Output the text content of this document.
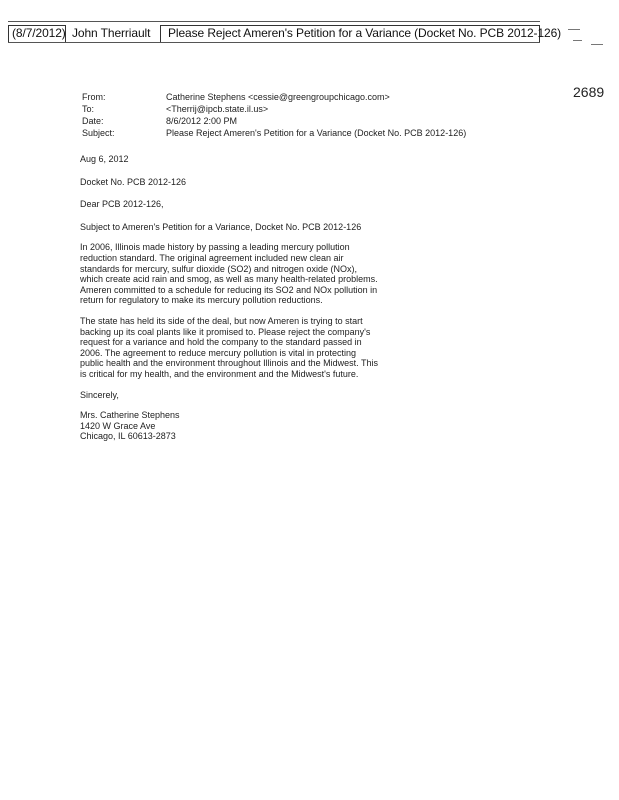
(8/7/2012) John Therriault Please Reject Ameren's Petition for a Variance (Docket No. PCB 2012-126)
2689
From:	Catherine Stephens <cessie@greengroupchicago.com>
To:	<Therrij@ipcb.state.il.us>
Date:	8/6/2012 2:00 PM
Subject:	Please Reject Ameren's Petition for a Variance (Docket No. PCB 2012-126)

Aug 6, 2012

Docket No. PCB 2012-126

Dear PCB 2012-126,

Subject to Ameren's Petition for a Variance, Docket No. PCB 2012-126

In 2006, Illinois made history by passing a leading mercury pollution reduction standard. The original agreement included new clean air standards for mercury, sulfur dioxide (SO2) and nitrogen oxide (NOx), which create acid rain and smog, as well as many health-related problems. Ameren committed to a schedule for reducing its SO2 and NOx pollution in return for regulatory to make its mercury pollution reductions.

The state has held its side of the deal, but now Ameren is trying to start backing up its coal plants like it promised to. Please reject the company's request for a variance and hold the company to the standard passed in 2006. The agreement to reduce mercury pollution is vital in protecting public health and the environment throughout Illinois and the Midwest. This is critical for my health, and the environment and the Midwest's future.

Sincerely,

Mrs. Catherine Stephens

1420 W Grace Ave

Chicago, IL 60613-2873
